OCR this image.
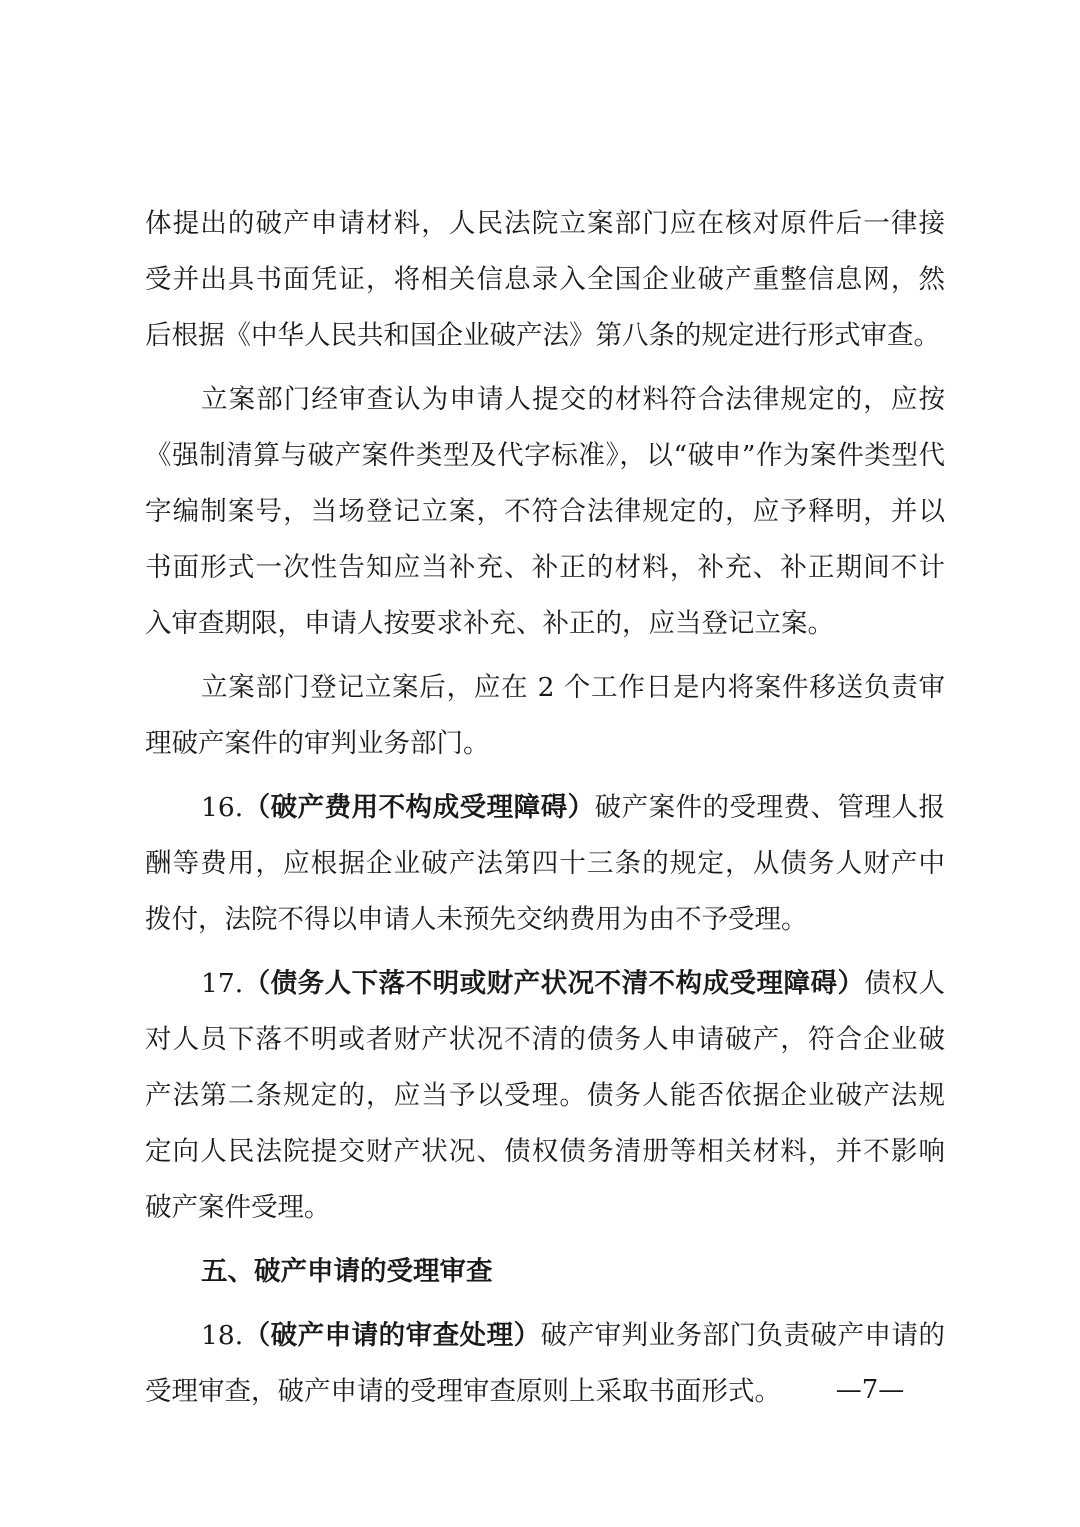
体提出的破产申请材料，人民法院立案部门应在核对原件后一律接
受并出具书面凭证，将相关信息录入全国企业破产重整信息网，然
后根据《中华人民共和国企业破产法》第八条的规定进行形式审查。
立案部门经审查认为申请人提交的材料符合法律规定的，应按
《强制清算与破产案件类型及代字标准》，以“破申”作为案件类型代
字编制案号，当场登记立案，不符合法律规定的，应予释明，并以
书面形式一次性告知应当补充、补正的材料，补充、补正期间不计
入审查期限，申请人按要求补充、补正的，应当登记立案。
立案部门登记立案后，应在 2 个工作日是内将案件移送负责审
理破产案件的审判业务部门。
16.（破产费用不构成受理障碍）破产案件的受理费、管理人报
酬等费用，应根据企业破产法第四十三条的规定，从债务人财产中
拨付，法院不得以申请人未预先交纳费用为由不予受理。
17.（债务人下落不明或财产状况不清不构成受理障碍）债权人
对人员下落不明或者财产状况不清的债务人申请破产，符合企业破
产法第二条规定的，应当予以受理。债务人能否依据企业破产法规
定向人民法院提交财产状况、债权债务清册等相关材料，并不影响
破产案件受理。
五、破产申请的受理审查
18.（破产申请的审查处理）破产审判业务部门负责破产申请的
受理审查，破产申请的受理审查原则上采取书面形式。	—7—
